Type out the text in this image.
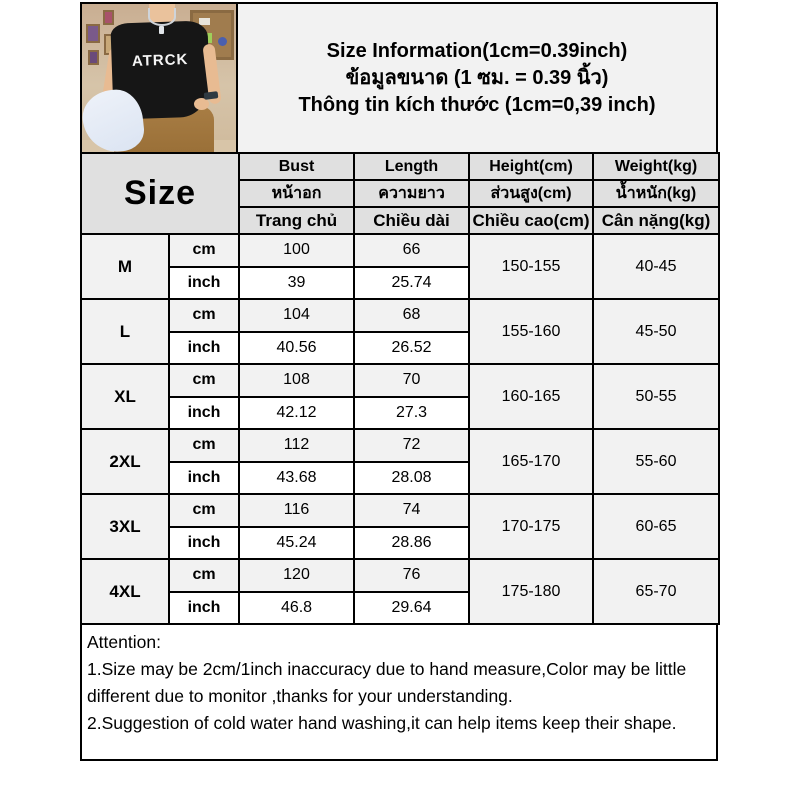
ATRCK	Size Information(1cm=0.39inch)
ข้อมูลขนาด (1 ซม. = 0.39 นิ้ว)
Thông tin kích thước (1cm=0,39 inch)
Size		Bust	Length	Height(cm)	Weight(kg)
		หน้าอก	ความยาว	ส่วนสูง(cm)	น้ำหนัก(kg)
		Trang chủ	Chiều dài	Chiều cao(cm)	Cân nặng(kg)
M	cm	100	66	150-155	40-45
	inch	39	25.74		
L	cm	104	68	155-160	45-50
	inch	40.56	26.52		
XL	cm	108	70	160-165	50-55
	inch	42.12	27.3		
2XL	cm	112	72	165-170	55-60
	inch	43.68	28.08		
3XL	cm	116	74	170-175	60-65
	inch	45.24	28.86		
4XL	cm	120	76	175-180	65-70
	inch	46.8	29.64		
Attention:
1.Size may be 2cm/1inch inaccuracy due to hand measure,Color may be little different due to monitor ,thanks for your understanding.
2.Suggestion of cold water hand washing,it can help items keep their shape.
